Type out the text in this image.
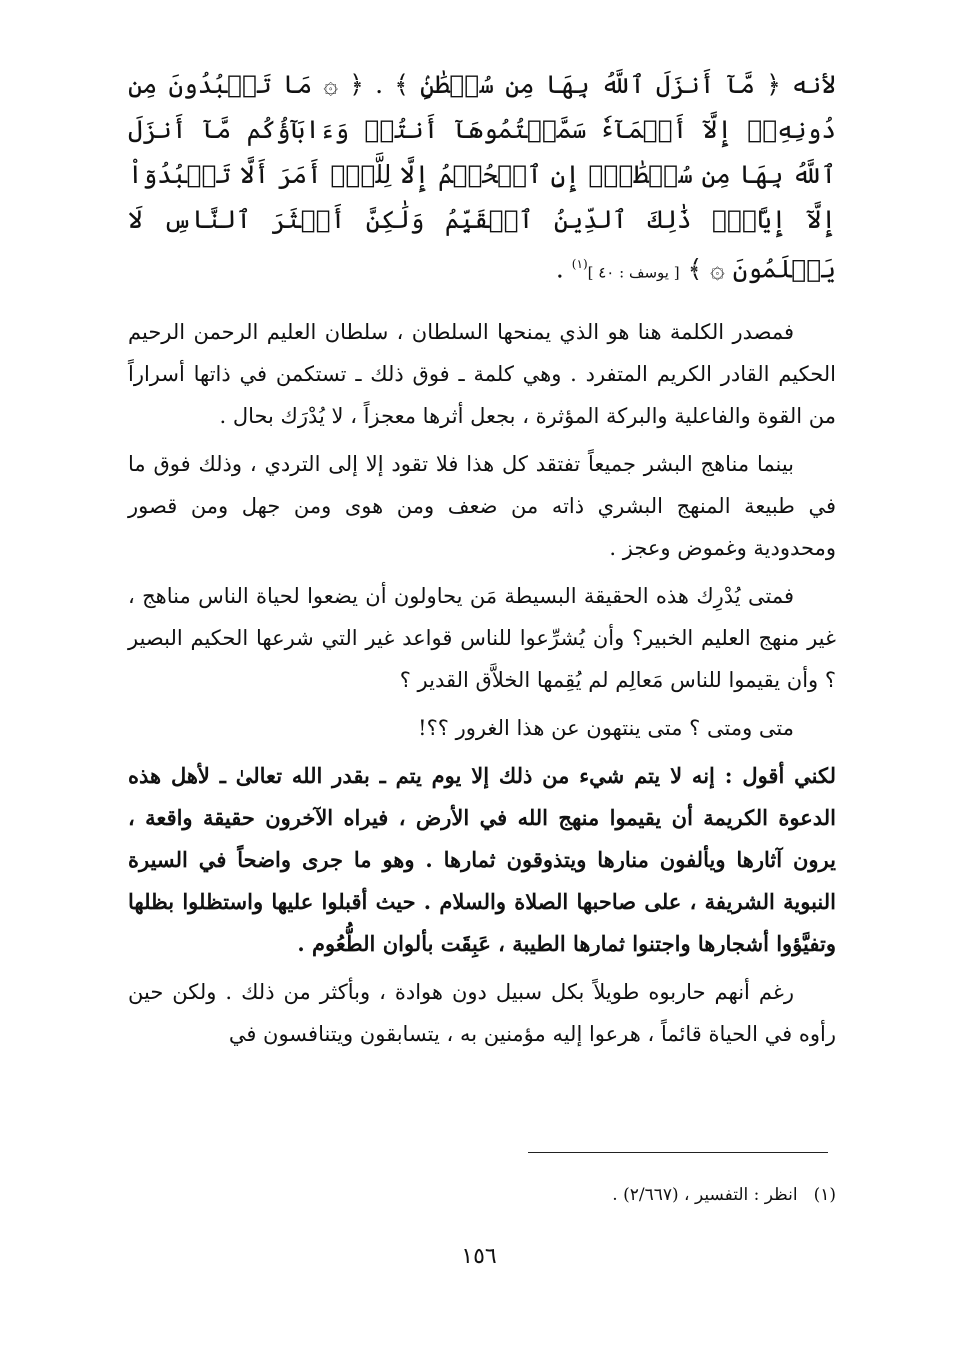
لأنه ﴿ مَّآ أَنزَلَ ٱللَّهُ بِهَا مِن سُلۡطَٰنٍۢ ﴾ . ﴿ ۞ مَا تَعۡبُدُونَ مِن دُونِهِۦٓ إِلَّآ أَسۡمَآءٗ سَمَّيۡتُمُوهَآ أَنتُمۡ وَءَابَآؤُكُم مَّآ أَنزَلَ ٱللَّهُ بِهَا مِن سُلۡطَٰنٍۚ إِنِ ٱلۡحُكۡمُ إِلَّا لِلَّهِۚ أَمَرَ أَلَّا تَعۡبُدُوٓاْ إِلَّآ إِيَّاهُۚ ذَٰلِكَ ٱلدِّينُ ٱلۡقَيِّمُ وَلَٰكِنَّ أَكۡثَرَ ٱلنَّاسِ لَا يَعۡلَمُونَ ۞ ﴾ [ يوسف : ٤٠ ]$^{(١)}$ .

فمصدر الكلمة هنا هو الذي يمنحها السلطان ، سلطان العليم الرحمن الرحيم الحكيم القادر الكريم المتفرد . وهي كلمة ـ فوق ذلك ـ تستكمن في ذاتها أسراراً من القوة والفاعلية والبركة المؤثرة ، بجعل أثرها معجزاً ، لا يُدْرَك بحال .

بينما مناهج البشر جميعاً تفتقد كل هذا فلا تقود إلا إلى التردي ، وذلك فوق ما في طبيعة المنهج البشري ذاته من ضعف ومن هوى ومن جهل ومن قصور ومحدودية وغموض وعجز .

فمتى يُدْرِك هذه الحقيقة البسيطة مَن يحاولون أن يضعوا لحياة الناس مناهج ، غير منهج العليم الخبير؟ وأن يُشرِّعوا للناس قواعد غير التي شرعها الحكيم البصير ؟ وأن يقيموا للناس مَعالِم لم يُقِمها الخلاَّق القدير ؟

متى ومتى ؟ متى ينتهون عن هذا الغرور ؟؟!

لكني أقول : إنه لا يتم شيء من ذلك إلا يوم يتم ـ بقدر الله تعالىٰ ـ لأهل هذه الدعوة الكريمة أن يقيموا منهج الله في الأرض ، فيراه الآخرون حقيقة واقعة ، يرون آثارها ويألفون منارها ويتذوقون ثمارها . وهو ما جرى واضحاً في السيرة النبوية الشريفة ، على صاحبها الصلاة والسلام . حيث أقبلوا عليها واستظلوا بظلها وتفيَّؤوا أشجارها واجتنوا ثمارها الطيبة ، عَبِقَت بألوان الطُّعُوم .

رغم أنهم حاربوه طويلاً بكل سبيل دون هوادة ، وبأكثر من ذلك . ولكن حين رأوه في الحياة قائماً ، هرعوا إليه مؤمنين به ، يتسابقون ويتنافسون في

(١)انظر : التفسير ، (٢/٦٦٧) .
١٥٦
